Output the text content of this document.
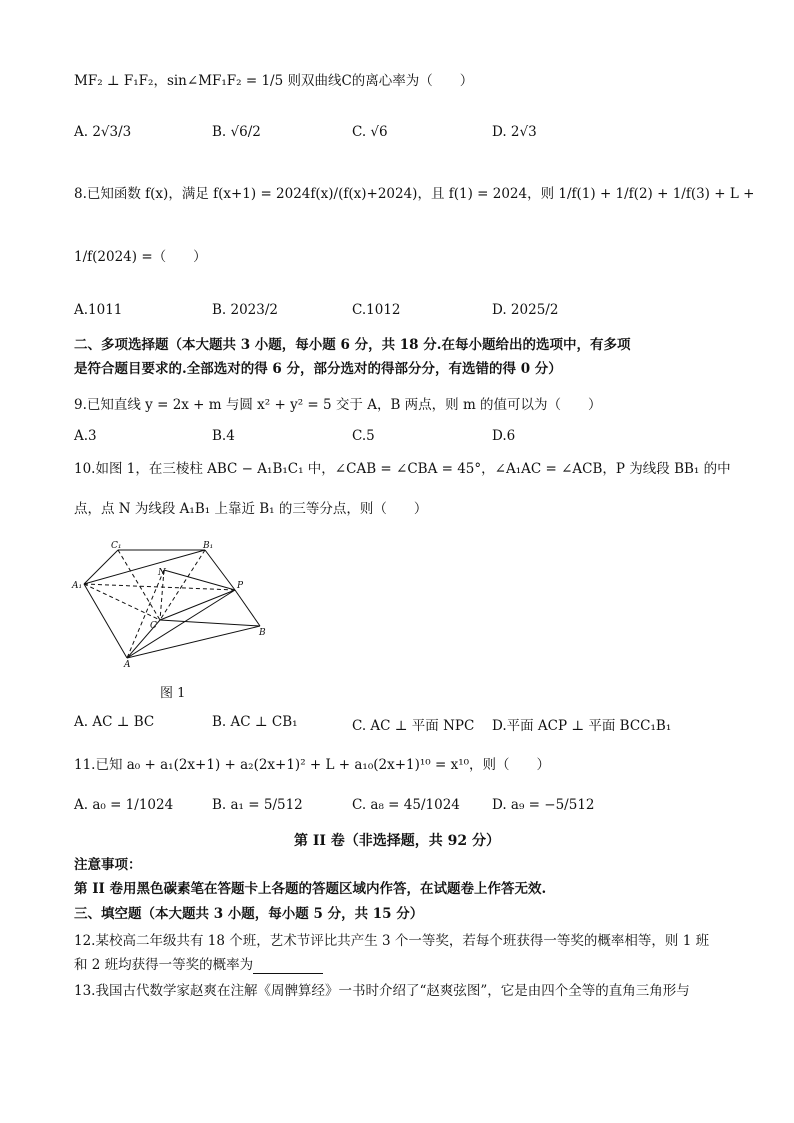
MF₂ ⊥ F₁F₂，sin∠MF₁F₂ = 1/5 则双曲线C的离心率为（　　）
A. 2√3/3	B. √6/2	C. √6	D. 2√3
8.已知函数 f(x)，满足 f(x+1) = 2024f(x)/(f(x)+2024)，且 f(1) = 2024，则 1/f(1) + 1/f(2) + 1/f(3) + L +
1/f(2024) =（　　）
A.1011	B. 2023/2	C.1012	D. 2025/2
二、多项选择题（本大题共 3 小题，每小题 6 分，共 18 分.在每小题给出的选项中，有多项
是符合题目要求的.全部选对的得 6 分，部分选对的得部分分，有选错的得 0 分）
9.已知直线 y = 2x + m 与圆 x² + y² = 5 交于 A，B 两点，则 m 的值可以为（　　）
A.3	B.4	C.5	D.6
10.如图 1，在三棱柱 ABC − A₁B₁C₁ 中，∠CAB = ∠CBA = 45°，∠A₁AC = ∠ACB，P 为线段 BB₁ 的中
点，点 N 为线段 A₁B₁ 上靠近 B₁ 的三等分点，则（　　）
C₁	B₁
A₁
N
P
C
B
A
图 1
A. AC ⊥ BC	B. AC ⊥ CB₁	C. AC ⊥ 平面 NPC D.平面 ACP ⊥ 平面 BCC₁B₁
11.已知 a₀ + a₁(2x+1) + a₂(2x+1)² + L + a₁₀(2x+1)¹⁰ = x¹⁰，则（　　）
A. a₀ = 1/1024	B. a₁ = 5/512	C. a₈ = 45/1024 D. a₉ = −5/512
第 II 卷（非选择题，共 92 分）
注意事项：
第 II 卷用黑色碳素笔在答题卡上各题的答题区域内作答，在试题卷上作答无效.
三、填空题（本大题共 3 小题，每小题 5 分，共 15 分）
12.某校高二年级共有 18 个班，艺术节评比共产生 3 个一等奖，若每个班获得一等奖的概率相等，则 1 班
和 2 班均获得一等奖的概率为
13.我国古代数学家赵爽在注解《周髀算经》一书时介绍了“赵爽弦图”，它是由四个全等的直角三角形与
